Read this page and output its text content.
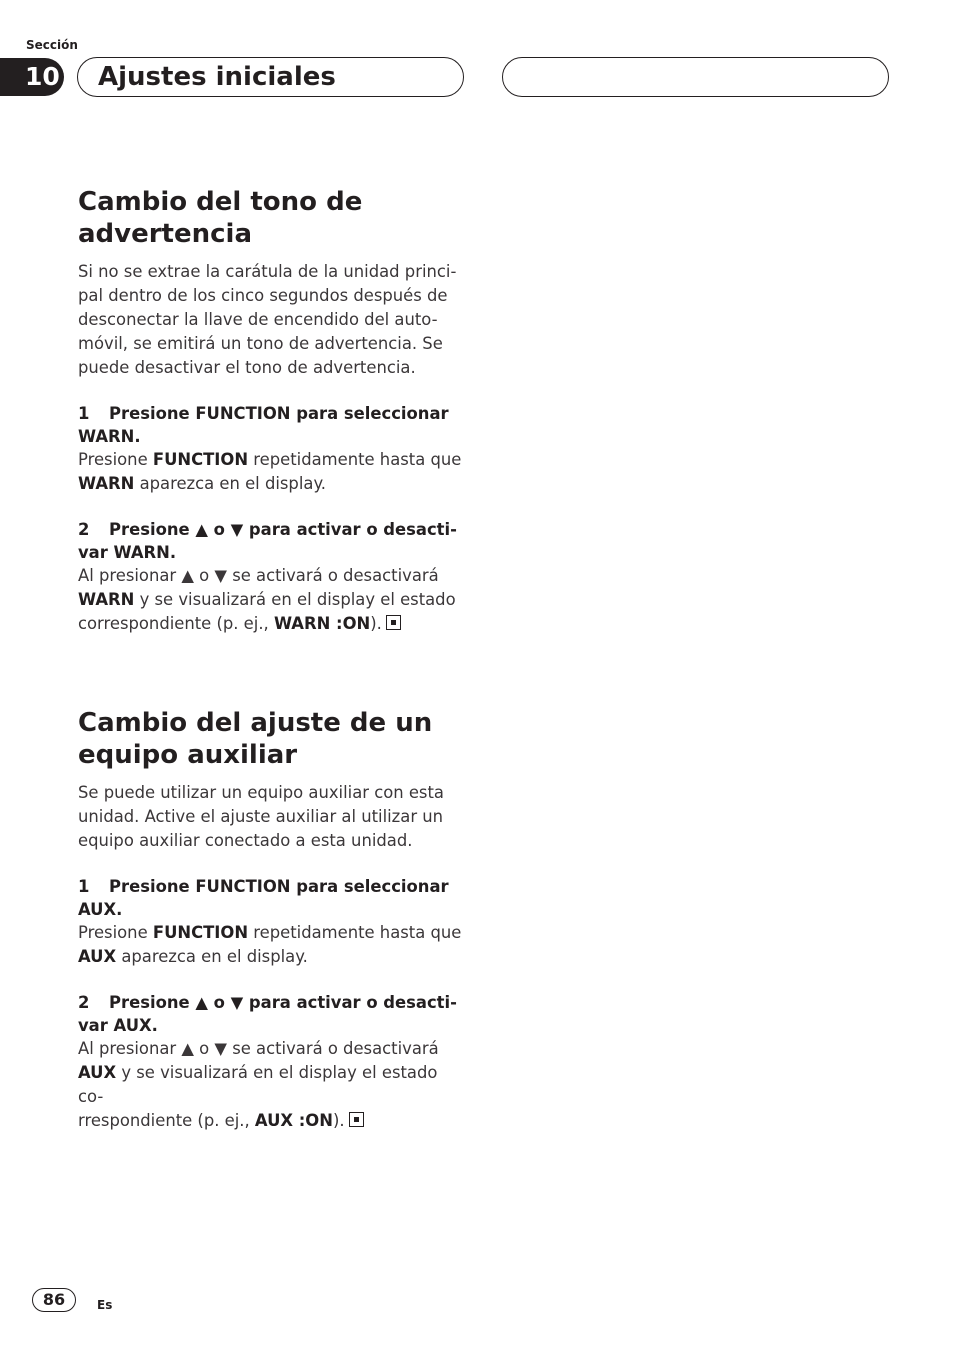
Sección
10 Ajustes iniciales
Cambio del tono de
advertencia

Si no se extrae la carátula de la unidad princi-
pal dentro de los cinco segundos después de
desconectar la llave de encendido del auto-
móvil, se emitirá un tono de advertencia. Se
puede desactivar el tono de advertencia.

1 Presione FUNCTION para seleccionar
WARN.

Presione FUNCTION repetidamente hasta que
WARN aparezca en el display.

2 Presione ▲ o ▼ para activar o desacti-
var WARN.

Al presionar ▲ o ▼ se activará o desactivará
WARN y se visualizará en el display el estado
correspondiente (p. ej., WARN :ON).

Cambio del ajuste de un
equipo auxiliar

Se puede utilizar un equipo auxiliar con esta
unidad. Active el ajuste auxiliar al utilizar un
equipo auxiliar conectado a esta unidad.

1 Presione FUNCTION para seleccionar
AUX.

Presione FUNCTION repetidamente hasta que
AUX aparezca en el display.

2 Presione ▲ o ▼ para activar o desacti-
var AUX.

Al presionar ▲ o ▼ se activará o desactivará
AUX y se visualizará en el display el estado co-
rrespondiente (p. ej., AUX :ON).

86	Es
